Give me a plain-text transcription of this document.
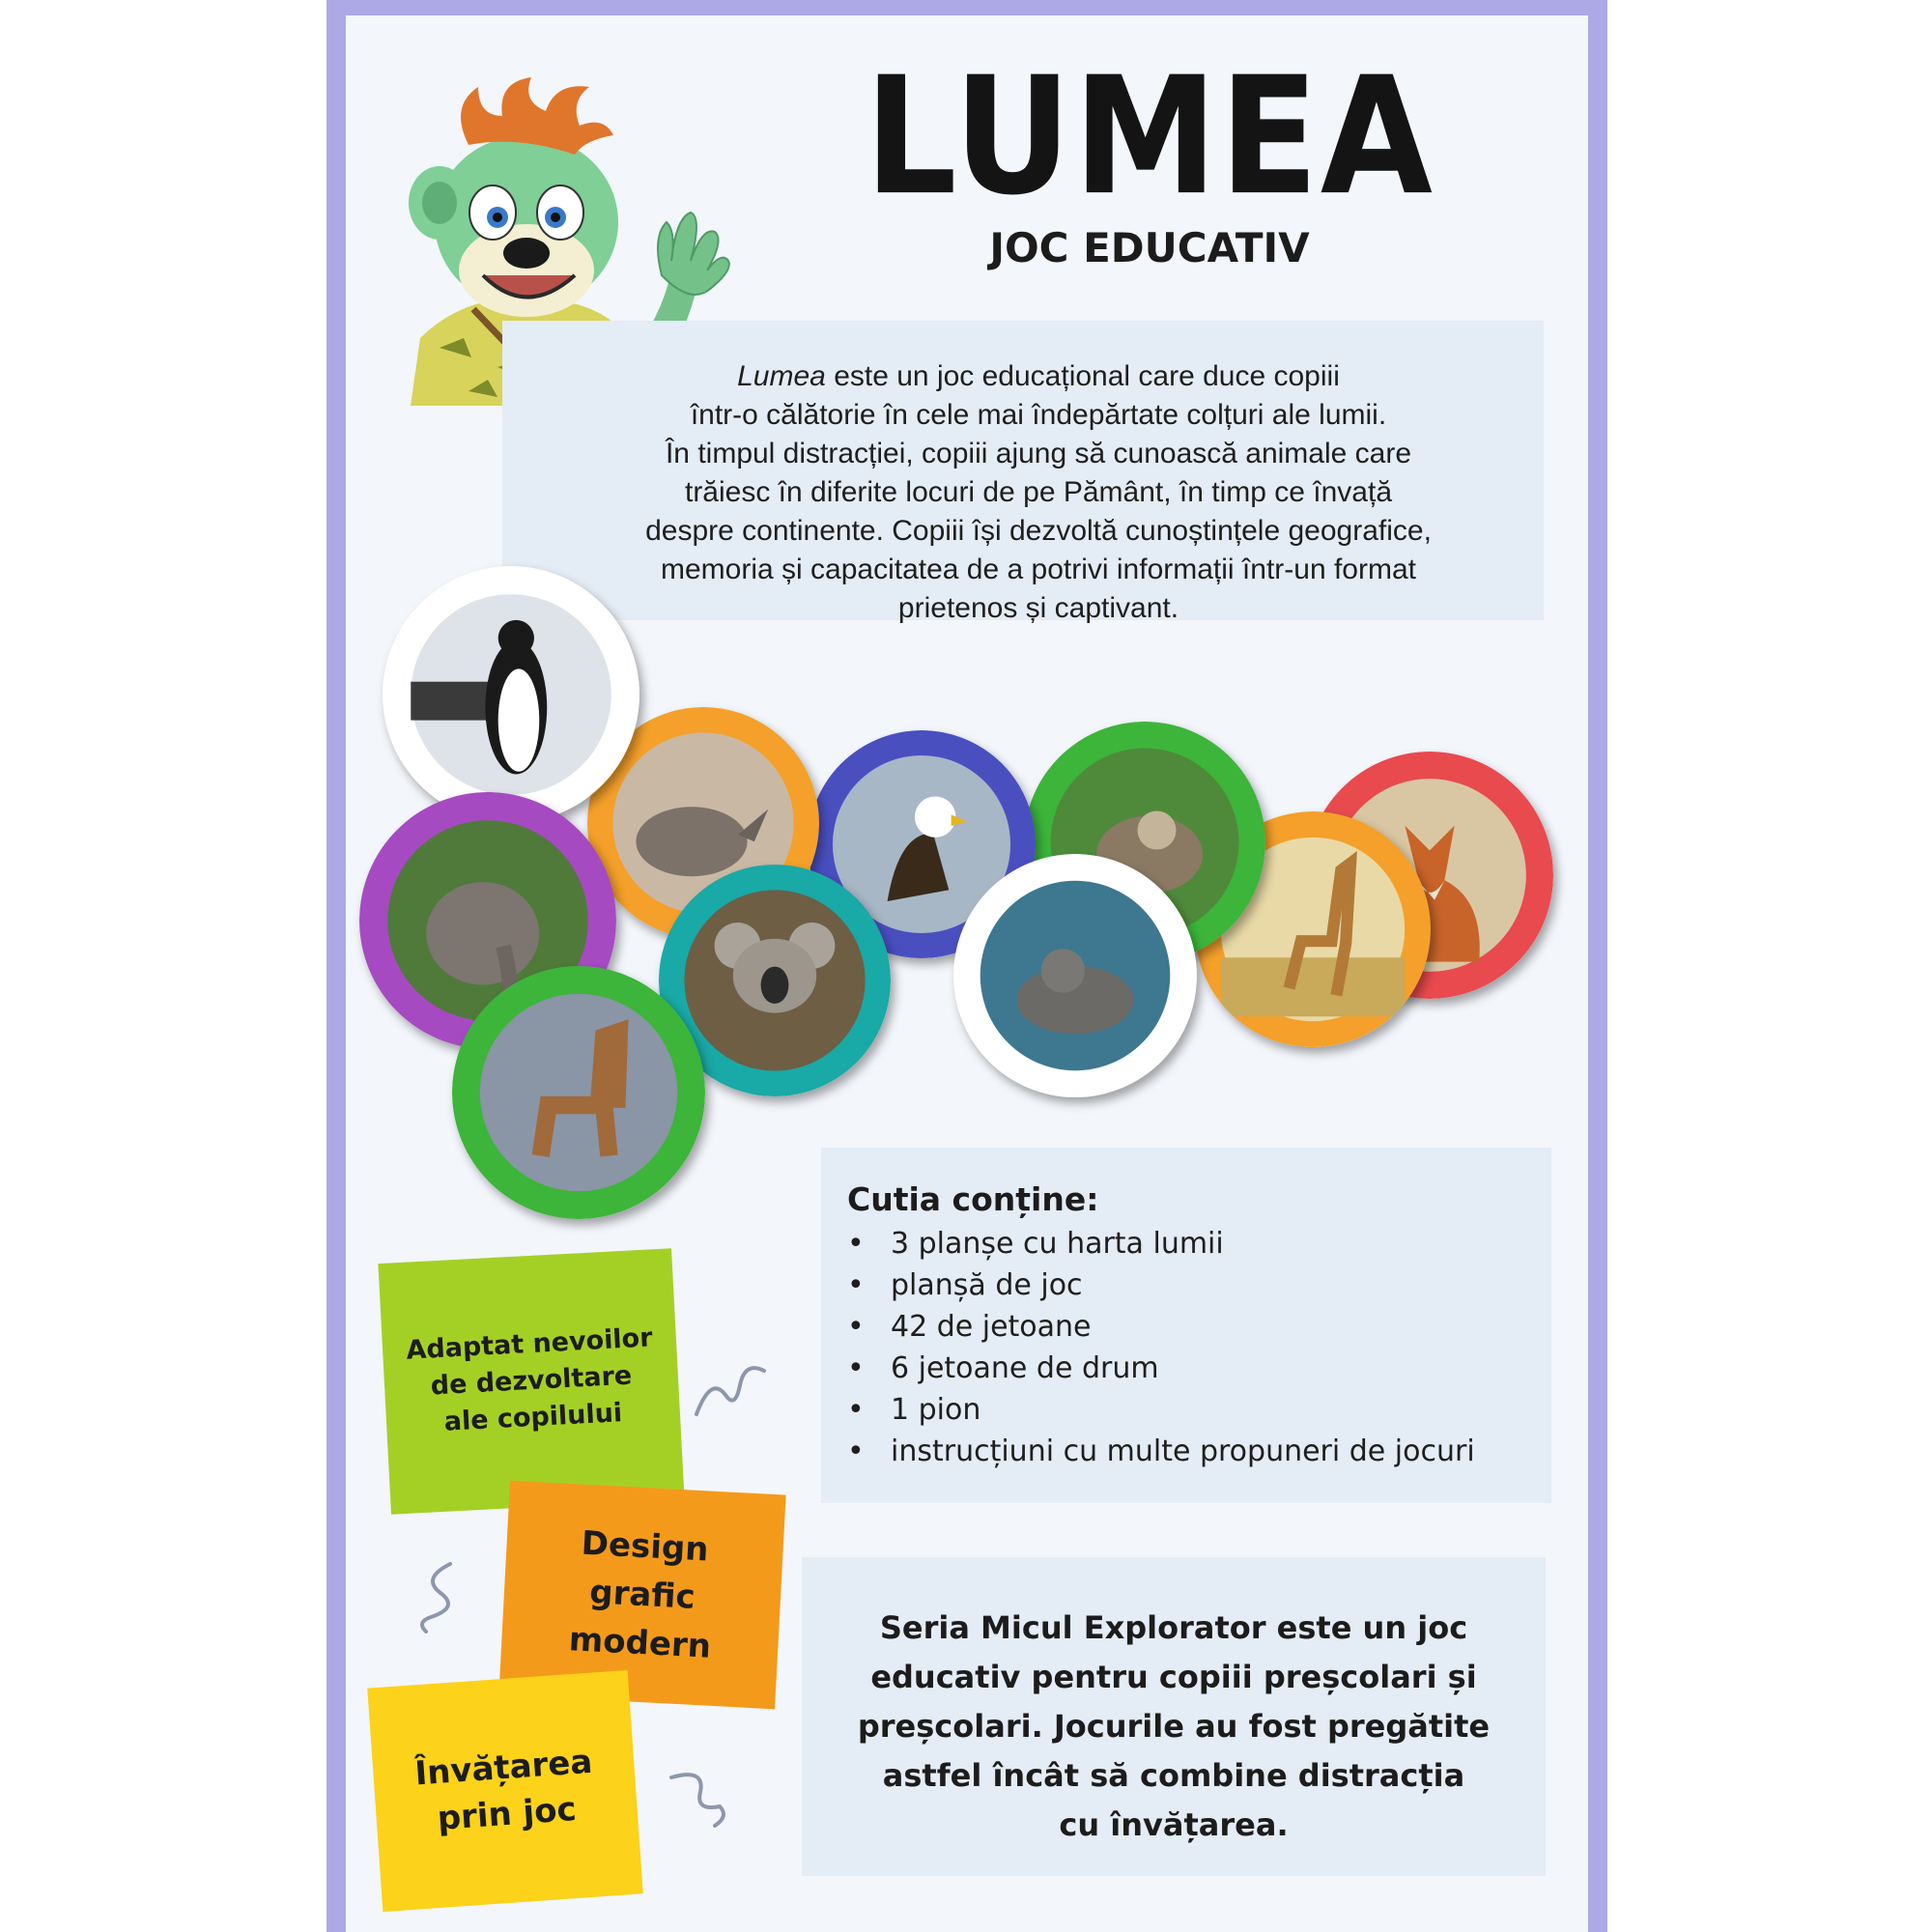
LUMEA
JOC EDUCATIV
Lumea este un joc educațional care duce copiii
într-o călătorie în cele mai îndepărtate colțuri ale lumii.
În timpul distracției, copiii ajung să cunoască animale care
trăiesc în diferite locuri de pe Pământ, în timp ce învață
despre continente. Copiii își dezvoltă cunoștințele geografice,
memoria și capacitatea de a potrivi informații într-un format
prietenos și captivant.
Cutia conține:
• 3 planșe cu harta lumii
• planșă de joc
• 42 de jetoane
• 6 jetoane de drum
• 1 pion
• instrucțiuni cu multe propuneri de jocuri
Seria Micul Explorator este un joc
educativ pentru copiii preșcolari și
preșcolari. Jocurile au fost pregătite
astfel încât să combine distracția
cu învățarea.
Adaptat nevoilor
de dezvoltare
ale copilului
Design
grafic
modern
Învățarea
prin joc
